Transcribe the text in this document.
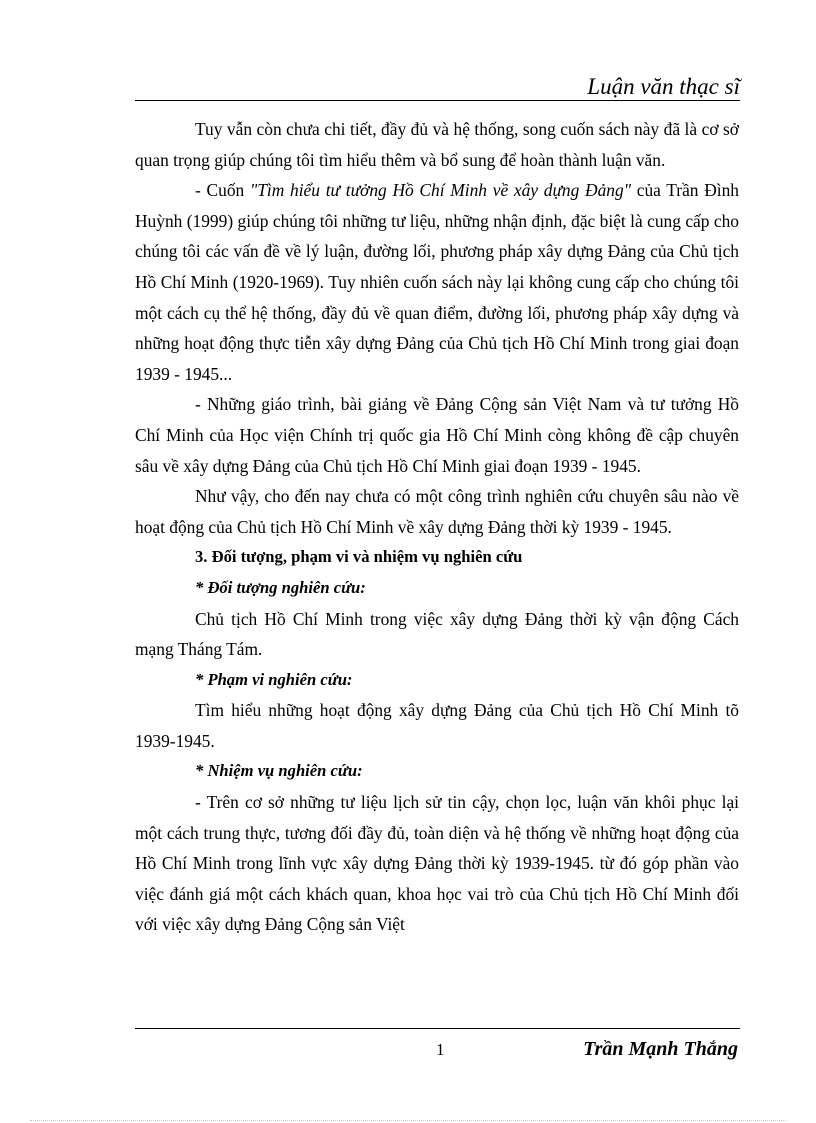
Luận văn thạc sĩ

Tuy vẫn còn chưa chi tiết, đầy đủ và hệ thống, song cuốn sách này đã là cơ sở quan trọng giúp chúng tôi tìm hiểu thêm và bổ sung để hoàn thành luận văn.

- Cuốn "Tìm hiểu tư tưởng Hồ Chí Minh về xây dựng Đảng" của Trần Đình Huỳnh (1999) giúp chúng tôi những tư liệu, những nhận định, đặc biệt là cung cấp cho chúng tôi các vấn đề về lý luận, đường lối, phương pháp xây dựng Đảng của Chủ tịch Hồ Chí Minh (1920-1969). Tuy nhiên cuốn sách này lại không cung cấp cho chúng tôi một cách cụ thể hệ thống, đầy đủ về quan điểm, đường lối, phương pháp xây dựng và những hoạt động thực tiễn xây dựng Đảng của Chủ tịch Hồ Chí Minh trong giai đoạn 1939 - 1945...

- Những giáo trình, bài giảng về Đảng Cộng sản Việt Nam và tư tưởng Hồ Chí Minh của Học viện Chính trị quốc gia Hồ Chí Minh còng không đề cập chuyên sâu về xây dựng Đảng của Chủ tịch Hồ Chí Minh giai đoạn 1939 - 1945.

Như vậy, cho đến nay chưa có một công trình nghiên cứu chuyên sâu nào về hoạt động của Chủ tịch Hồ Chí Minh về xây dựng Đảng thời kỳ 1939 - 1945.

3. Đối tượng, phạm vi và nhiệm vụ nghiên cứu

* Đối tượng nghiên cứu:

Chủ tịch Hồ Chí Minh trong việc xây dựng Đảng thời kỳ vận động Cách mạng Tháng Tám.

* Phạm vi nghiên cứu:

Tìm hiểu những hoạt động xây dựng Đảng của Chủ tịch Hồ Chí Minh tõ 1939-1945.

* Nhiệm vụ nghiên cứu:

- Trên cơ sở những tư liệu lịch sử tin cậy, chọn lọc, luận văn khôi phục lại một cách trung thực, tương đối đầy đủ, toàn diện và hệ thống về những hoạt động của Hồ Chí Minh trong lĩnh vực xây dựng Đảng thời kỳ 1939-1945. từ đó góp phần vào việc đánh giá một cách khách quan, khoa học vai trò của Chủ tịch Hồ Chí Minh đối với việc xây dựng Đảng Cộng sản Việt

1	Trần Mạnh Thắng
